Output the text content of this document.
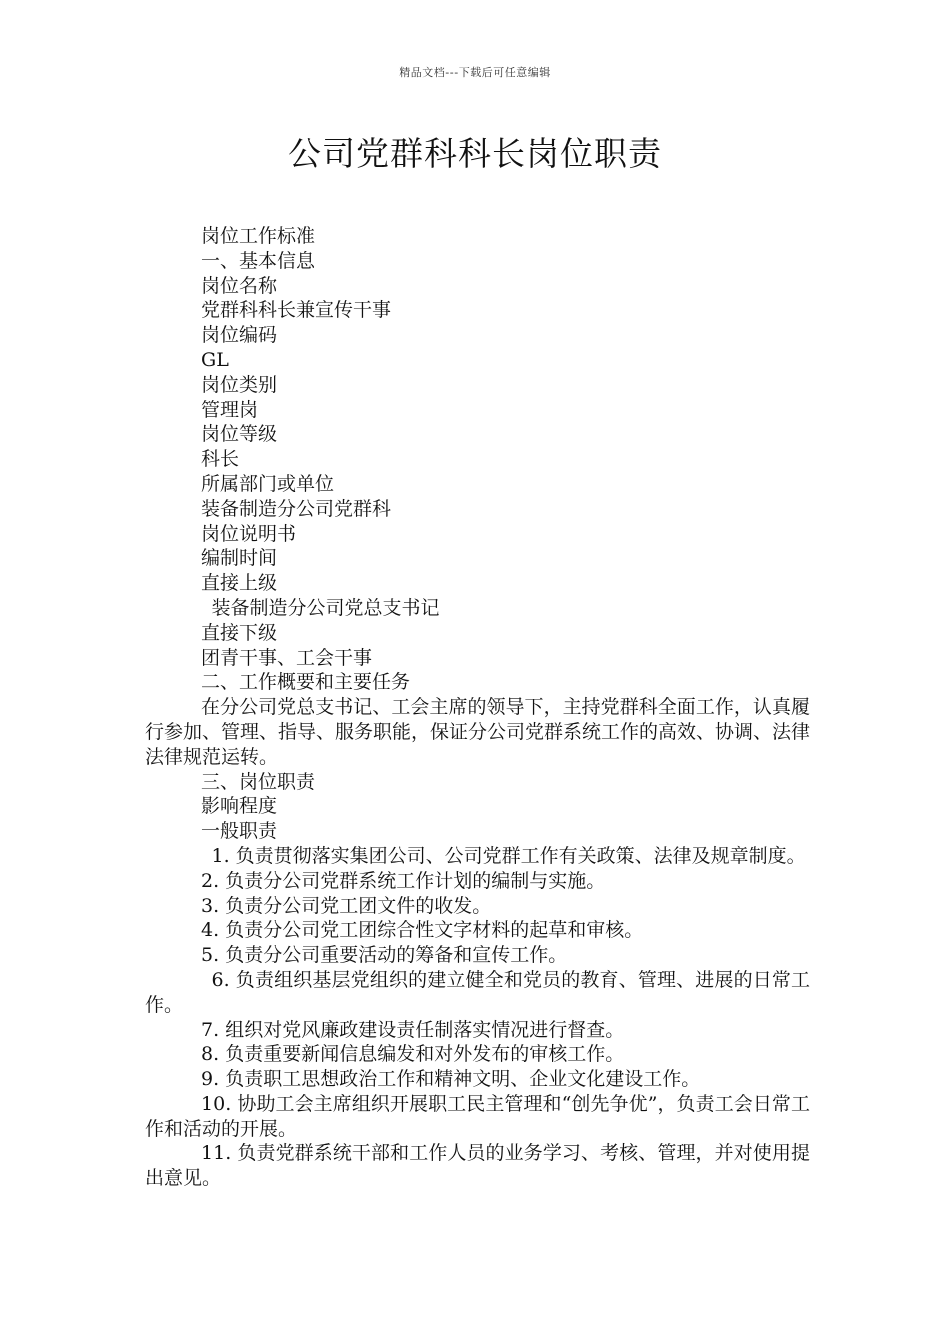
精品文档---下载后可任意编辑
公司党群科科长岗位职责

岗位工作标准

一、基本信息

岗位名称

党群科科长兼宣传干事

岗位编码

GL

岗位类别

管理岗

岗位等级

科长

所属部门或单位

装备制造分公司党群科

岗位说明书

编制时间

直接上级

装备制造分公司党总支书记

直接下级

团青干事、工会干事

二、工作概要和主要任务

在分公司党总支书记、工会主席的领导下，主持党群科全面工作，认真履行参加、管理、指导、服务职能，保证分公司党群系统工作的高效、协调、法律法律规范运转。

三、岗位职责

影响程度

一般职责

1. 负责贯彻落实集团公司、公司党群工作有关政策、法律及规章制度。

2. 负责分公司党群系统工作计划的编制与实施。

3. 负责分公司党工团文件的收发。

4. 负责分公司党工团综合性文字材料的起草和审核。

5. 负责分公司重要活动的筹备和宣传工作。

6. 负责组织基层党组织的建立健全和党员的教育、管理、进展的日常工作。

7. 组织对党风廉政建设责任制落实情况进行督查。

8. 负责重要新闻信息编发和对外发布的审核工作。

9. 负责职工思想政治工作和精神文明、企业文化建设工作。

10. 协助工会主席组织开展职工民主管理和“创先争优”，负责工会日常工作和活动的开展。

11. 负责党群系统干部和工作人员的业务学习、考核、管理，并对使用提出意见。
